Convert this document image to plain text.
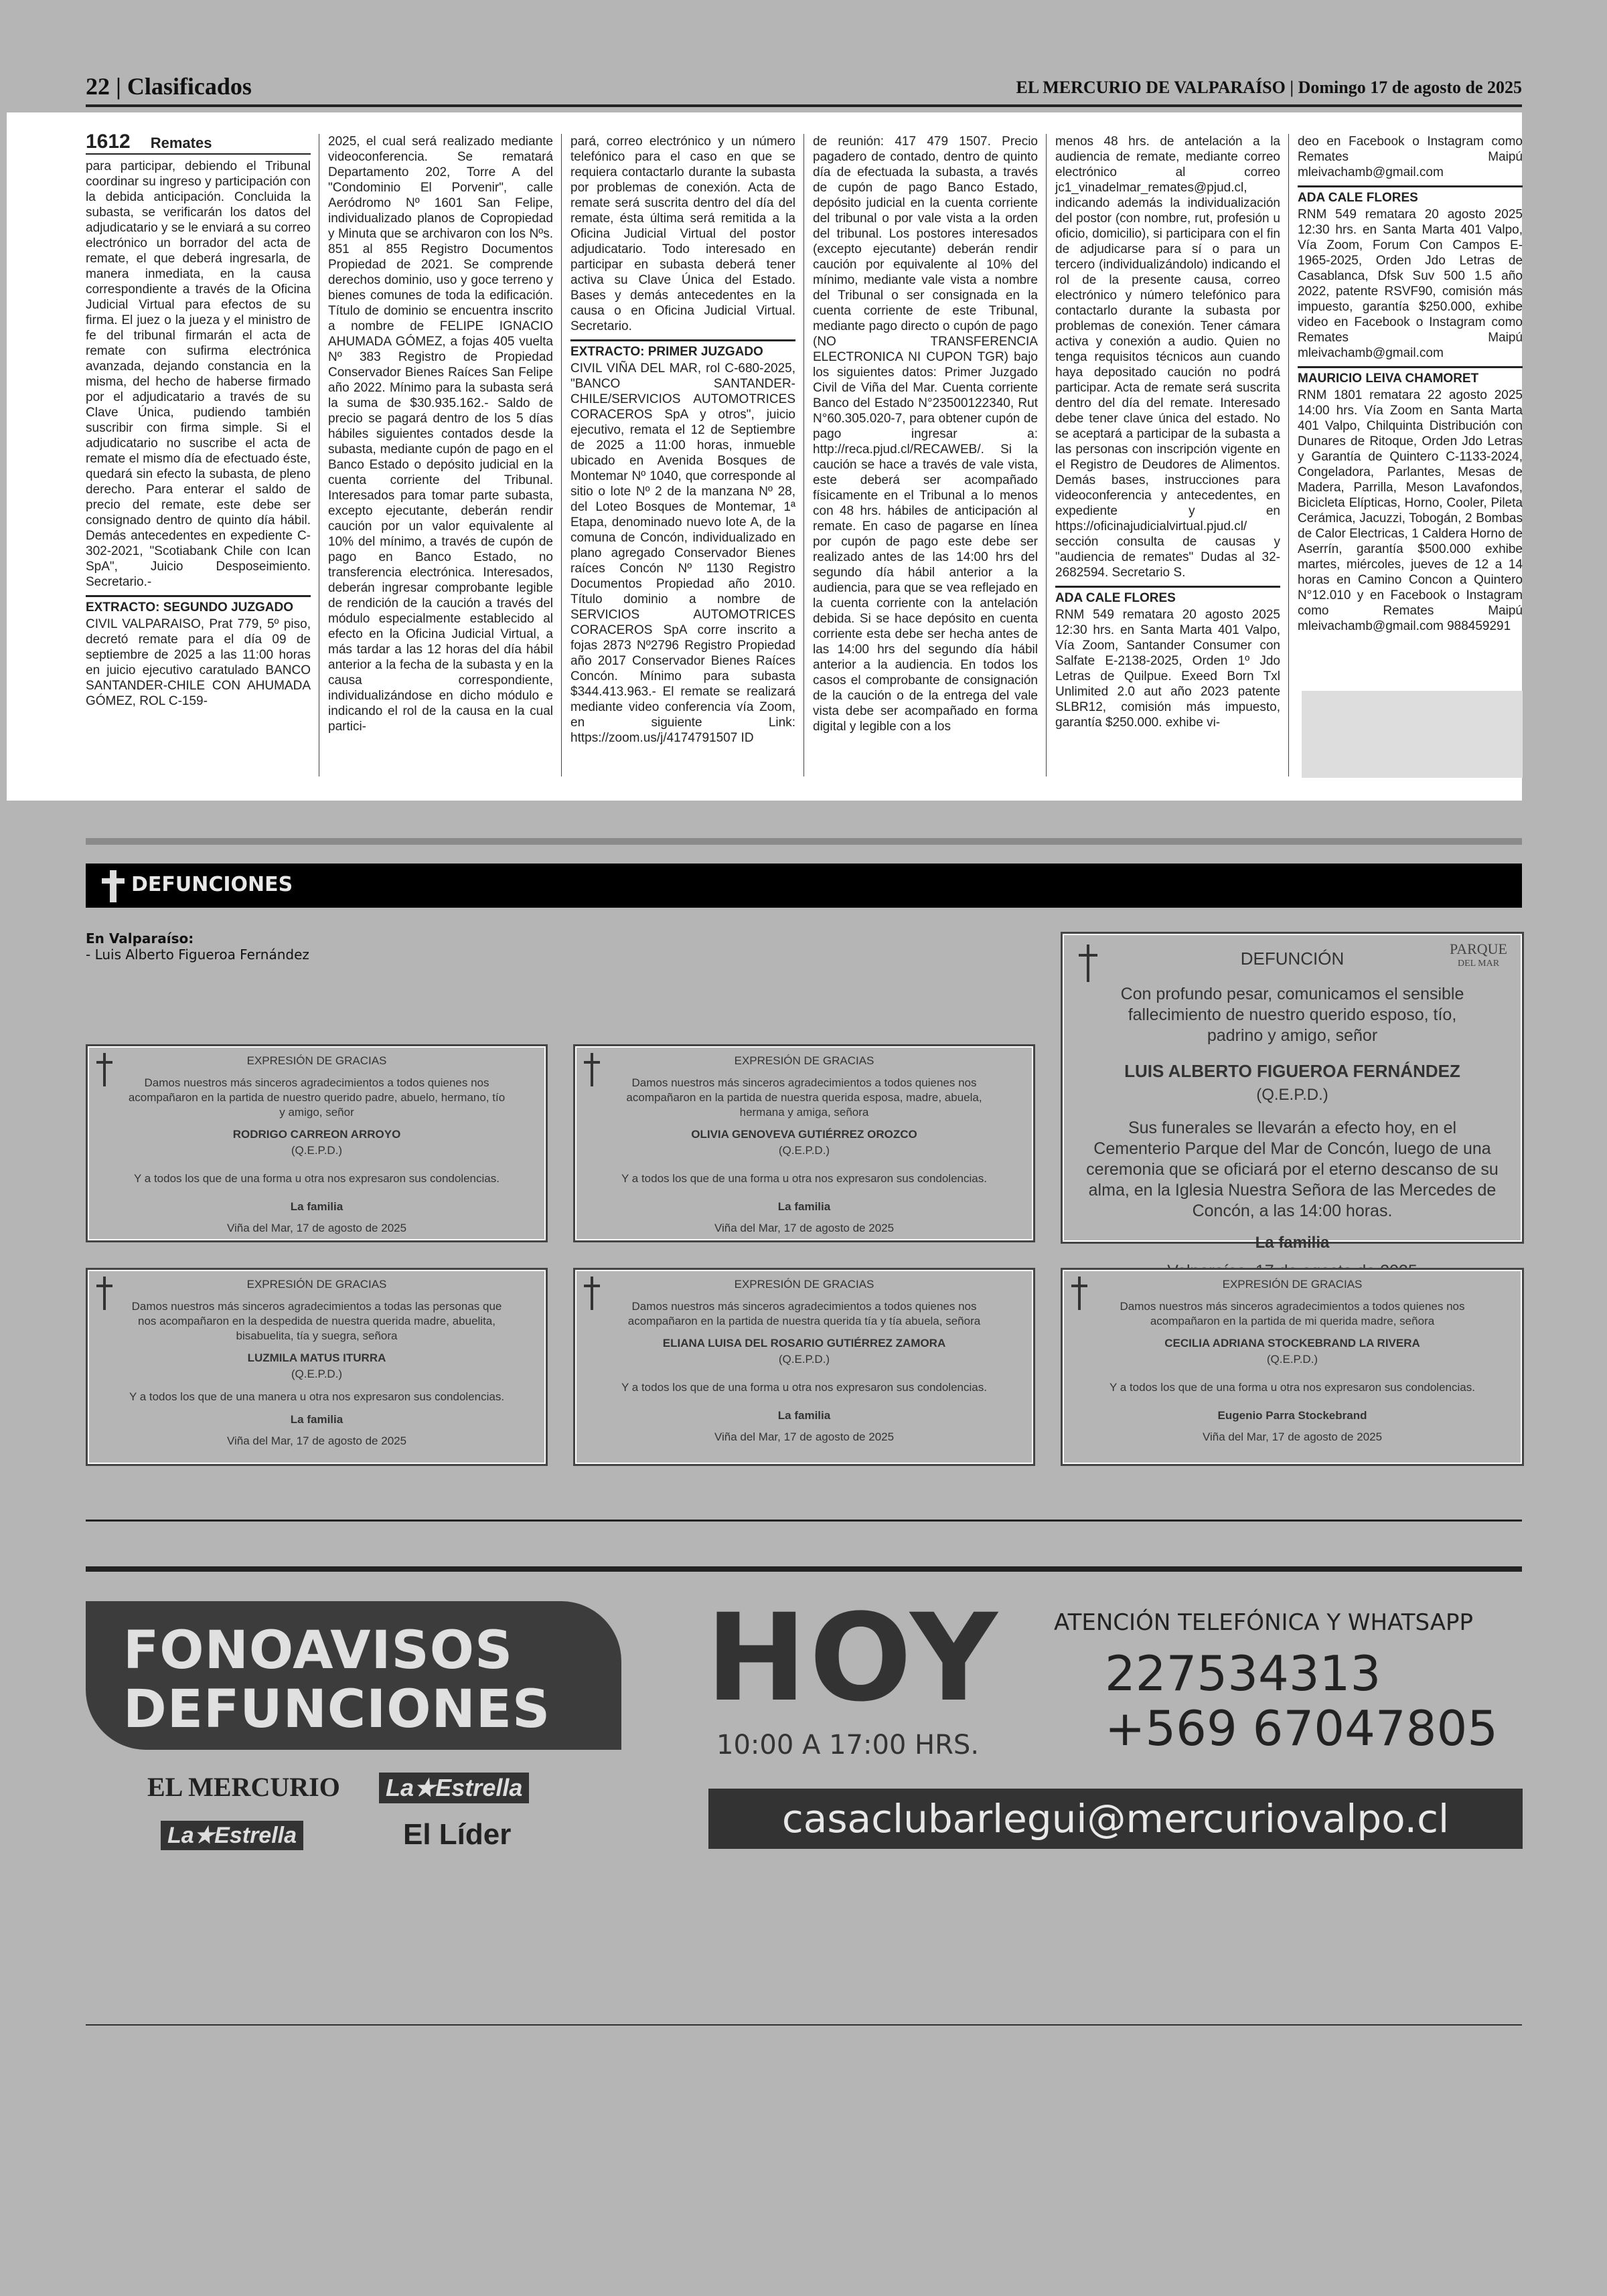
22 | Clasificados	EL MERCURIO DE VALPARAÍSO | Domingo 17 de agosto de 2025
1612 Remates

para participar, debiendo el Tribunal coordinar su ingreso y participación con la debida anticipación. Concluida la subasta, se verificarán los datos del adjudicatario y se le enviará a su correo electrónico un borrador del acta de remate, el que deberá ingresarla, de manera inmediata, en la causa correspondiente a través de la Oficina Judicial Virtual para efectos de su firma. El juez o la jueza y el ministro de fe del tribunal firmarán el acta de remate con sufirma electrónica avanzada, dejando constancia en la misma, del hecho de haberse firmado por el adjudicatario a través de su Clave Única, pudiendo también suscribir con firma simple. Si el adjudicatario no suscribe el acta de remate el mismo día de efectuado éste, quedará sin efecto la subasta, de pleno derecho. Para enterar el saldo de precio del remate, este debe ser consignado dentro de quinto día hábil. Demás antecedentes en expediente C-302-2021, "Scotiabank Chile con Ican SpA", Juicio Desposeimiento. Secretario.-

EXTRACTO: SEGUNDO JUZGADO

CIVIL VALPARAISO, Prat 779, 5º piso, decretó remate para el día 09 de septiembre de 2025 a las 11:00 horas en juicio ejecutivo caratulado BANCO SANTANDER-CHILE CON AHUMADA GÓMEZ, ROL C-159-

2025, el cual será realizado mediante videoconferencia. Se rematará Departamento 202, Torre A del "Condominio El Porvenir", calle Aeródromo Nº 1601 San Felipe, individualizado planos de Copropiedad y Minuta que se archivaron con los Nºs. 851 al 855 Registro Documentos Propiedad de 2021. Se comprende derechos dominio, uso y goce terreno y bienes comunes de toda la edificación. Título de dominio se encuentra inscrito a nombre de FELIPE IGNACIO AHUMADA GÓMEZ, a fojas 405 vuelta Nº 383 Registro de Propiedad Conservador Bienes Raíces San Felipe año 2022. Mínimo para la subasta será la suma de $30.935.162.- Saldo de precio se pagará dentro de los 5 días hábiles siguientes contados desde la subasta, mediante cupón de pago en el Banco Estado o depósito judicial en la cuenta corriente del Tribunal. Interesados para tomar parte subasta, excepto ejecutante, deberán rendir caución por un valor equivalente al 10% del mínimo, a través de cupón de pago en Banco Estado, no transferencia electrónica. Interesados, deberán ingresar comprobante legible de rendición de la caución a través del módulo especialmente establecido al efecto en la Oficina Judicial Virtual, a más tardar a las 12 horas del día hábil anterior a la fecha de la subasta y en la causa correspondiente, individualizándose en dicho módulo e indicando el rol de la causa en la cual partici-

pará, correo electrónico y un número telefónico para el caso en que se requiera contactarlo durante la subasta por problemas de conexión. Acta de remate será suscrita dentro del día del remate, ésta última será remitida a la Oficina Judicial Virtual del postor adjudicatario. Todo interesado en participar en subasta deberá tener activa su Clave Única del Estado. Bases y demás antecedentes en la causa o en Oficina Judicial Virtual. Secretario.

EXTRACTO: PRIMER JUZGADO

CIVIL VIÑA DEL MAR, rol C-680-2025, "BANCO SANTANDER-CHILE/SERVICIOS AUTOMOTRICES CORACEROS SpA y otros", juicio ejecutivo, remata el 12 de Septiembre de 2025 a 11:00 horas, inmueble ubicado en Avenida Bosques de Montemar Nº 1040, que corresponde al sitio o lote Nº 2 de la manzana Nº 28, del Loteo Bosques de Montemar, 1ª Etapa, denominado nuevo lote A, de la comuna de Concón, individualizado en plano agregado Conservador Bienes raíces Concón Nº 1130 Registro Documentos Propiedad año 2010. Título dominio a nombre de SERVICIOS AUTOMOTRICES CORACEROS SpA corre inscrito a fojas 2873 Nº2796 Registro Propiedad año 2017 Conservador Bienes Raíces Concón. Mínimo para subasta $344.413.963.- El remate se realizará mediante video conferencia vía Zoom, en siguiente Link: https://zoom.us/j/4174791507 ID

de reunión: 417 479 1507. Precio pagadero de contado, dentro de quinto día de efectuada la subasta, a través de cupón de pago Banco Estado, depósito judicial en la cuenta corriente del tribunal o por vale vista a la orden del tribunal. Los postores interesados (excepto ejecutante) deberán rendir caución por equivalente al 10% del mínimo, mediante vale vista a nombre del Tribunal o ser consignada en la cuenta corriente de este Tribunal, mediante pago directo o cupón de pago (NO TRANSFERENCIA ELECTRONICA NI CUPON TGR) bajo los siguientes datos: Primer Juzgado Civil de Viña del Mar. Cuenta corriente Banco del Estado N°23500122340, Rut N°60.305.020-7, para obtener cupón de pago ingresar a: http://reca.pjud.cl/RECAWEB/. Si la caución se hace a través de vale vista, este deberá ser acompañado físicamente en el Tribunal a lo menos con 48 hrs. hábiles de anticipación al remate. En caso de pagarse en línea por cupón de pago este debe ser realizado antes de las 14:00 hrs del segundo día hábil anterior a la audiencia, para que se vea reflejado en la cuenta corriente con la antelación debida. Si se hace depósito en cuenta corriente esta debe ser hecha antes de las 14:00 hrs del segundo día hábil anterior a la audiencia. En todos los casos el comprobante de consignación de la caución o de la entrega del vale vista debe ser acompañado en forma digital y legible con a los

menos 48 hrs. de antelación a la audiencia de remate, mediante correo electrónico al correo jc1_vinadelmar_remates@pjud.cl, indicando además la individualización del postor (con nombre, rut, profesión u oficio, domicilio), si participara con el fin de adjudicarse para sí o para un tercero (individualizándolo) indicando el rol de la presente causa, correo electrónico y número telefónico para contactarlo durante la subasta por problemas de conexión. Tener cámara activa y conexión a audio. Quien no tenga requisitos técnicos aun cuando haya depositado caución no podrá participar. Acta de remate será suscrita dentro del día del remate. Interesado debe tener clave única del estado. No se aceptará a participar de la subasta a las personas con inscripción vigente en el Registro de Deudores de Alimentos. Demás bases, instrucciones para videoconferencia y antecedentes, en expediente y en https://oficinajudicialvirtual.pjud.cl/ sección consulta de causas y "audiencia de remates" Dudas al 32-2682594. Secretario S.

ADA CALE FLORES

RNM 549 rematara 20 agosto 2025 12:30 hrs. en Santa Marta 401 Valpo, Vía Zoom, Santander Consumer con Salfate E-2138-2025, Orden 1º Jdo Letras de Quilpue. Exeed Born Txl Unlimited 2.0 aut año 2023 patente SLBR12, comisión más impuesto, garantía $250.000. exhibe vi-

deo en Facebook o Instagram como Remates Maipú mleivachamb@gmail.com

ADA CALE FLORES

RNM 549 rematara 20 agosto 2025 12:30 hrs. en Santa Marta 401 Valpo, Vía Zoom, Forum Con Campos E-1965-2025, Orden Jdo Letras de Casablanca, Dfsk Suv 500 1.5 año 2022, patente RSVF90, comisión más impuesto, garantía $250.000, exhibe video en Facebook o Instagram como Remates Maipú mleivachamb@gmail.com

MAURICIO LEIVA CHAMORET

RNM 1801 rematara 22 agosto 2025 14:00 hrs. Vía Zoom en Santa Marta 401 Valpo, Chilquinta Distribución con Dunares de Ritoque, Orden Jdo Letras y Garantía de Quintero C-1133-2024, Congeladora, Parlantes, Mesas de Madera, Parrilla, Meson Lavafondos, Bicicleta Elípticas, Horno, Cooler, Pileta Cerámica, Jacuzzi, Tobogán, 2 Bombas de Calor Electricas, 1 Caldera Horno de Aserrín, garantía $500.000 exhibe martes, miércoles, jueves de 12 a 14 horas en Camino Concon a Quintero N°12.010 y en Facebook o Instagram como Remates Maipú mleivachamb@gmail.com 988459291

DEFUNCIONES
En Valparaíso:
- Luis Alberto Figueroa Fernández
EXPRESIÓN DE GRACIAS
Damos nuestros más sinceros agradecimientos a todos quienes nos acompañaron en la partida de nuestro querido padre, abuelo, hermano, tío y amigo, señor
RODRIGO CARREON ARROYO
(Q.E.P.D.)
Y a todos los que de una forma u otra nos expresaron sus condolencias.
La familia
Viña del Mar, 17 de agosto de 2025
EXPRESIÓN DE GRACIAS
Damos nuestros más sinceros agradecimientos a todos quienes nos acompañaron en la partida de nuestra querida esposa, madre, abuela, hermana y amiga, señora
OLIVIA GENOVEVA GUTIÉRREZ OROZCO
(Q.E.P.D.)
Y a todos los que de una forma u otra nos expresaron sus condolencias.
La familia
Viña del Mar, 17 de agosto de 2025
PARQUE
DEL MAR
DEFUNCIÓN
Con profundo pesar, comunicamos el sensible fallecimiento de nuestro querido esposo, tío, padrino y amigo, señor
LUIS ALBERTO FIGUEROA FERNÁNDEZ
(Q.E.P.D.)
Sus funerales se llevarán a efecto hoy, en el Cementerio Parque del Mar de Concón, luego de una ceremonia que se oficiará por el eterno descanso de su alma, en la Iglesia Nuestra Señora de las Mercedes de Concón, a las 14:00 horas.
La familia
EXPRESIÓN DE GRACIAS
Damos nuestros más sinceros agradecimientos a todas las personas que nos acompañaron en la despedida de nuestra querida madre, abuelita, bisabuelita, tía y suegra, señora
LUZMILA MATUS ITURRA
(Q.E.P.D.)
Y a todos los que de una manera u otra nos expresaron sus condolencias.
La familia
Viña del Mar, 17 de agosto de 2025
EXPRESIÓN DE GRACIAS
Damos nuestros más sinceros agradecimientos a todos quienes nos acompañaron en la partida de nuestra querida tía y tía abuela, señora
ELIANA LUISA DEL ROSARIO GUTIÉRREZ ZAMORA
(Q.E.P.D.)
Y a todos los que de una forma u otra nos expresaron sus condolencias.
La familia
Viña del Mar, 17 de agosto de 2025
EXPRESIÓN DE GRACIAS
Damos nuestros más sinceros agradecimientos a todos quienes nos acompañaron en la partida de mi querida madre, señora
CECILIA ADRIANA STOCKEBRAND LA RIVERA
(Q.E.P.D.)
Y a todos los que de una forma u otra nos expresaron sus condolencias.
Eugenio Parra Stockebrand
Viña del Mar, 17 de agosto de 2025
FONOAVISOS
DEFUNCIONES HOY
10:00 A 17:00 HRS.
ATENCIÓN TELEFÓNICA Y WHATSAPP
227534313
+569 67047805
casaclubarlegui@mercuriovalpo.cl
EL MERCURIO La★Estrella
La★Estrella	El Líder
